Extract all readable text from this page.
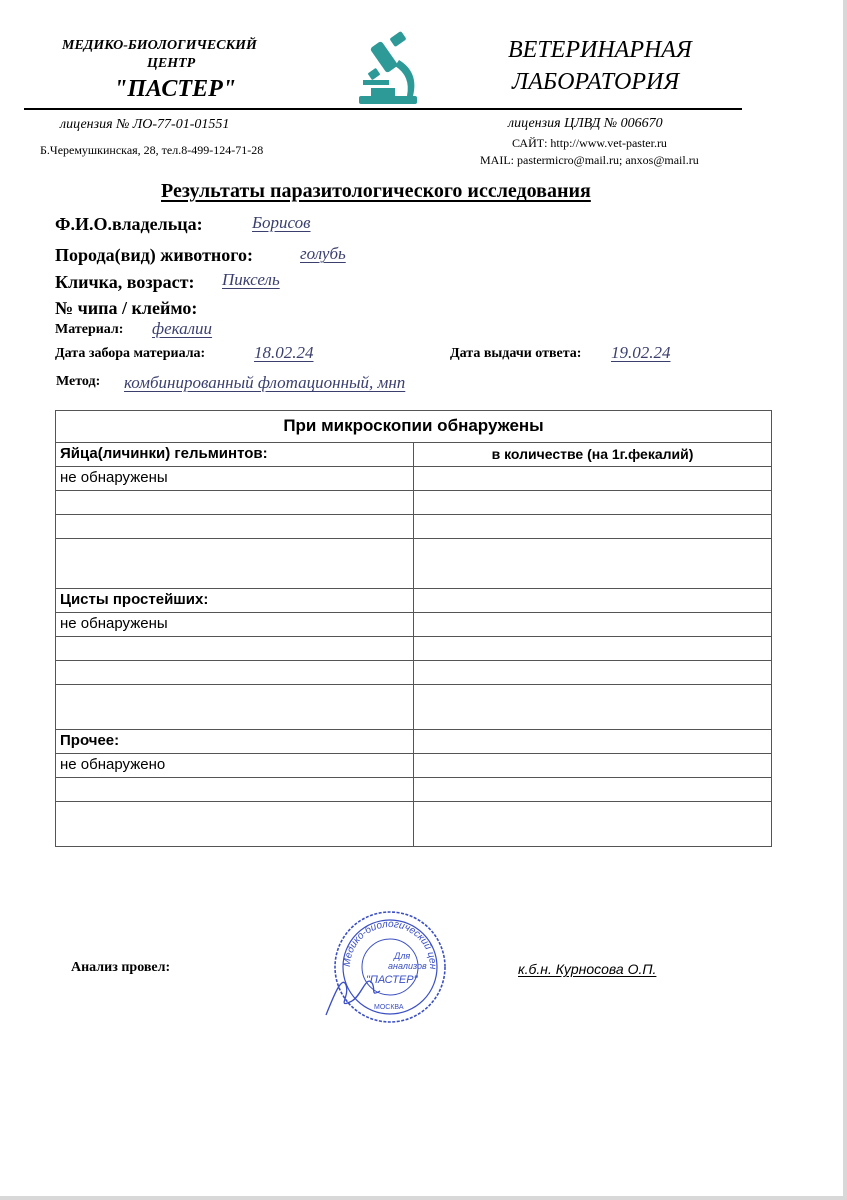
МЕДИКО-БИОЛОГИЧЕСКИЙ
ЦЕНТР
"ПАСТЕР"
ВЕТЕРИНАРНАЯ
ЛАБОРАТОРИЯ
лицензия № ЛО-77-01-01551
Б.Черемушкинская, 28, тел.8-499-124-71-28
лицензия ЦЛВД № 006670
САЙТ: http://www.vet-paster.ru
MAIL: pastermicro@mail.ru; anxos@mail.ru
Результаты паразитологического исследования
Ф.И.О.владельца:	Борисов
Порода(вид) животного:	голубь
Кличка, возраст: Пиксель
№ чипа / клеймо:
Материал: фекалии
Дата забора материала:	18.02.24	Дата выдачи ответа: 19.02.24
Метод: комбинированный флотационный, мнп
При микроскопии обнаружены	
Яйца(личинки) гельминтов:	в количестве (на 1г.фекалий)
не обнаружены	

Цисты простейших:	
не обнаружены	

Прочее:	
не обнаружено	

Анализ провел:	Медико-биологический цен
Для
анализов
"ПАСТЕР"
МОСКВА
к.б.н. Курносова О.П.
